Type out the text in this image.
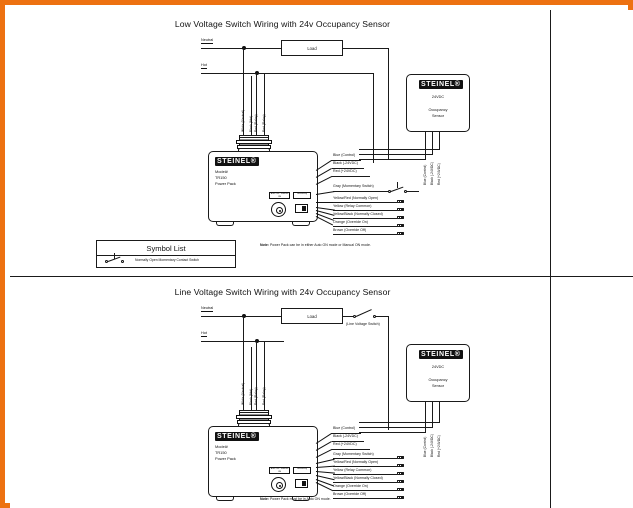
Low Voltage Switch Wiring with 24v Occupancy Sensor
Neutral
Load
Hot
White (Neutral) Black (Hot) Red (Relay) Red (Relay)
STEINEL®
Model#
TR150
Power Pack
Auto ON / Manual ON
Sensitivity
STEINEL®
24VDC
Occupancy
Sensor
Blue (Control) Black (-24VDC) Red (+24VDC)
Blue (Control)
Black (-24VDC)
Red (+24VDC)
Gray (Momentary Switch)
Yellow/Red (Normally Open)
Yellow (Relay Common)
Yellow/Black (Normally Closed)
Orange (Override On)
Brown (Override Off)
Symbol List
Normally Open Momentary Contact Switch
Note: Power Pack can be in either Auto ON mode or Manual ON mode.
Line Voltage Switch Wiring with 24v Occupancy Sensor
Neutral
Load
(Line Voltage Switch)
Hot
White (Neutral) Black (Hot) Red (Relay) Red (Relay)
STEINEL®
Model#
TR150
Power Pack
Auto ON / Manual ON
Sensitivity
STEINEL®
24VDC
Occupancy
Sensor
Blue (Control) Black (-24VDC) Red (+24VDC)
Blue (Control)
Black (-24VDC)
Red (+24VDC)
Gray (Momentary Switch)
Yellow/Red (Normally Open)
Yellow (Relay Common)
Yellow/Black (Normally Closed)
Orange (Override On)
Brown (Override Off)
Note: Power Pack must be in Auto ON mode.
